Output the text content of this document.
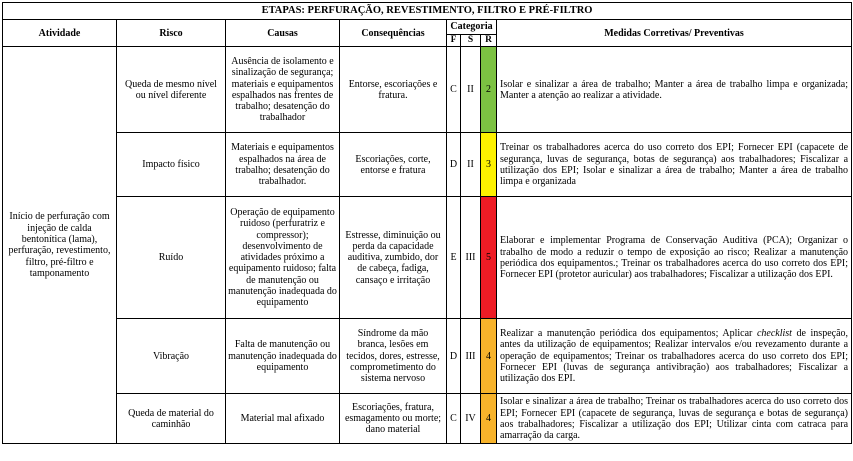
ETAPAS: PERFURAÇÃO, REVESTIMENTO, FILTRO E PRÉ-FILTRO							
Atividade	Risco	Causas	Consequências	Categoria			Medidas Corretivas/ Preventivas
				F	S	R	
Início de perfuração com injeção de calda bentonítica (lama), perfuração, revestimento, filtro, pré-filtro e tamponamento	Queda de mesmo nível ou nível diferente	Ausência de isolamento e sinalização de segurança; materiais e equipamentos espalhados nas frentes de trabalho; desatenção do trabalhador	Entorse, escoriações e fratura.	C	II	2	Isolar e sinalizar a área de trabalho; Manter a área de trabalho limpa e organizada; Manter a atenção ao realizar a atividade.
	Impacto físico	Materiais e equipamentos espalhados na área de trabalho; desatenção do trabalhador.	Escoriações, corte, entorse e fratura	D	II	3	Treinar os trabalhadores acerca do uso correto dos EPI; Fornecer EPI (capacete de segurança, luvas de segurança, botas de segurança) aos trabalhadores; Fiscalizar a utilização dos EPI; Isolar e sinalizar a área de trabalho; Manter a área de trabalho limpa e organizada
	Ruído	Operação de equipamento ruidoso (perfuratriz e compressor); desenvolvimento de atividades próximo a equipamento ruidoso; falta de manutenção ou manutenção inadequada do equipamento	Estresse, diminuição ou perda da capacidade auditiva, zumbido, dor de cabeça, fadiga, cansaço e irritação	E	III	5	Elaborar e implementar Programa de Conservação Auditiva (PCA); Organizar o trabalho de modo a reduzir o tempo de exposição ao risco; Realizar a manutenção periódica dos equipamentos.; Treinar os trabalhadores acerca do uso correto dos EPI; Fornecer EPI (protetor auricular) aos trabalhadores; Fiscalizar a utilização dos EPI.
	Vibração	Falta de manutenção ou manutenção inadequada do equipamento	Síndrome da mão branca, lesões em tecidos, dores, estresse, comprometimento do sistema nervoso	D	III	4	Realizar a manutenção periódica dos equipamentos; Aplicar checklist de inspeção, antes da utilização de equipamentos; Realizar intervalos e/ou revezamento durante a operação de equipamentos; Treinar os trabalhadores acerca do uso correto dos EPI; Fornecer EPI (luvas de segurança antivibração) aos trabalhadores; Fiscalizar a utilização dos EPI.
	Queda de material do caminhão	Material mal afixado	Escoriações, fratura, esmagamento ou morte; dano material	C	IV	4	Isolar e sinalizar a área de trabalho; Treinar os trabalhadores acerca do uso correto dos EPI; Fornecer EPI (capacete de segurança, luvas de segurança e botas de segurança) aos trabalhadores; Fiscalizar a utilização dos EPI; Utilizar cinta com catraca para amarração da carga.
